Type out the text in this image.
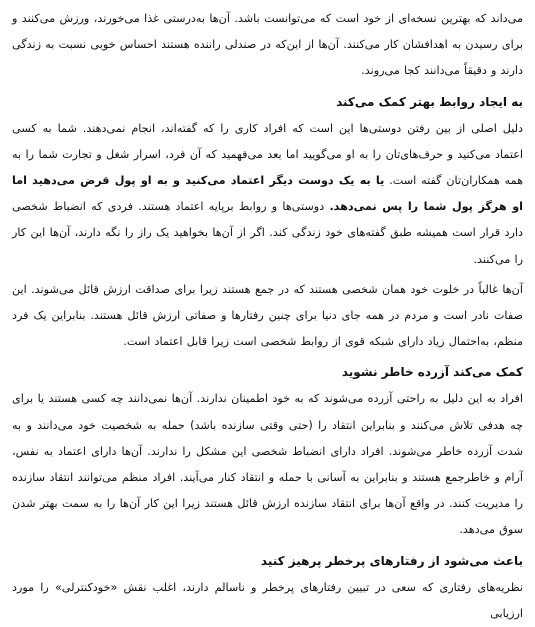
می‌داند که بهترین نسخه‌ای از خود است که می‌توانست باشد. آن‌ها به‌درستی غذا می‌خورند، ورزش می‌کنند و برای رسیدن به اهدافشان کار می‌کنند. آن‌ها از این‌که در صندلی راننده هستند احساس خوبی نسبت به زندگی دارند و دقیقاً می‌دانند کجا می‌روند.

به ایجاد روابط بهتر کمک می‌کند

دلیل اصلی از بین رفتن دوستی‌ها این است که افراد کاری را که گفته‌اند، انجام نمی‌دهند. شما به کسی اعتماد می‌کنید و حرف‌های‌تان را به او می‌گویید اما بعد می‌فهمید که آن فرد، اسرار شغل و تجارت شما را به همه همکاران‌تان گفته است. یا به یک دوست دیگر اعتماد می‌کنید و به او پول قرض می‌دهید اما او هرگز پول شما را پس نمی‌دهد. دوستی‌ها و روابط برپایه اعتماد هستند. فردی که انضباط شخصی دارد قرار است همیشه طبق گفته‌های خود زندگی کند. اگر از آن‌ها بخواهید یک راز را نگه دارند، آن‌ها این کار را می‌کنند.

آن‌ها غالباً در خلوت خود همان شخصی هستند که در جمع هستند زیرا برای صداقت ارزش قائل می‌شوند. این صفات نادر است و مردم در همه جای دنیا برای چنین رفتارها و صفاتی ارزش قائل هستند. بنابراین یک فرد منظم، به‌احتمال زیاد دارای شبکه قوی از روابط شخصی است زیرا قابل اعتماد است.

کمک می‌کند آزرده خاطر نشوید

افراد به این دلیل به راحتی آزرده می‌شوند که به خود اطمینان ندارند. آن‌ها نمی‌دانند چه کسی هستند یا برای چه هدفی تلاش می‌کنند و بنابراین انتقاد را (حتی وقتی سازنده باشد) حمله به شخصیت خود می‌دانند و به شدت آزرده خاطر می‌شوند. افراد دارای انضباط شخصی این مشکل را ندارند. آن‌ها دارای اعتماد به نفس، آرام و خاطرجمع هستند و بنابراین به آسانی با حمله و انتقاد کنار می‌آیند. افراد منظم می‌توانند انتقاد سازنده را مدیریت کنند. در واقع آن‌ها برای انتقاد سازنده ارزش قائل هستند زیرا این کار آن‌ها را به سمت بهتر شدن سوق می‌دهد.

باعث می‌شود از رفتارهای پرخطر پرهیز کنید

نظریه‌های رفتاری که سعی در تبیین رفتارهای پرخطر و ناسالم دارند، اغلب نقش «خودکنترلی» را مورد ارزیابی
